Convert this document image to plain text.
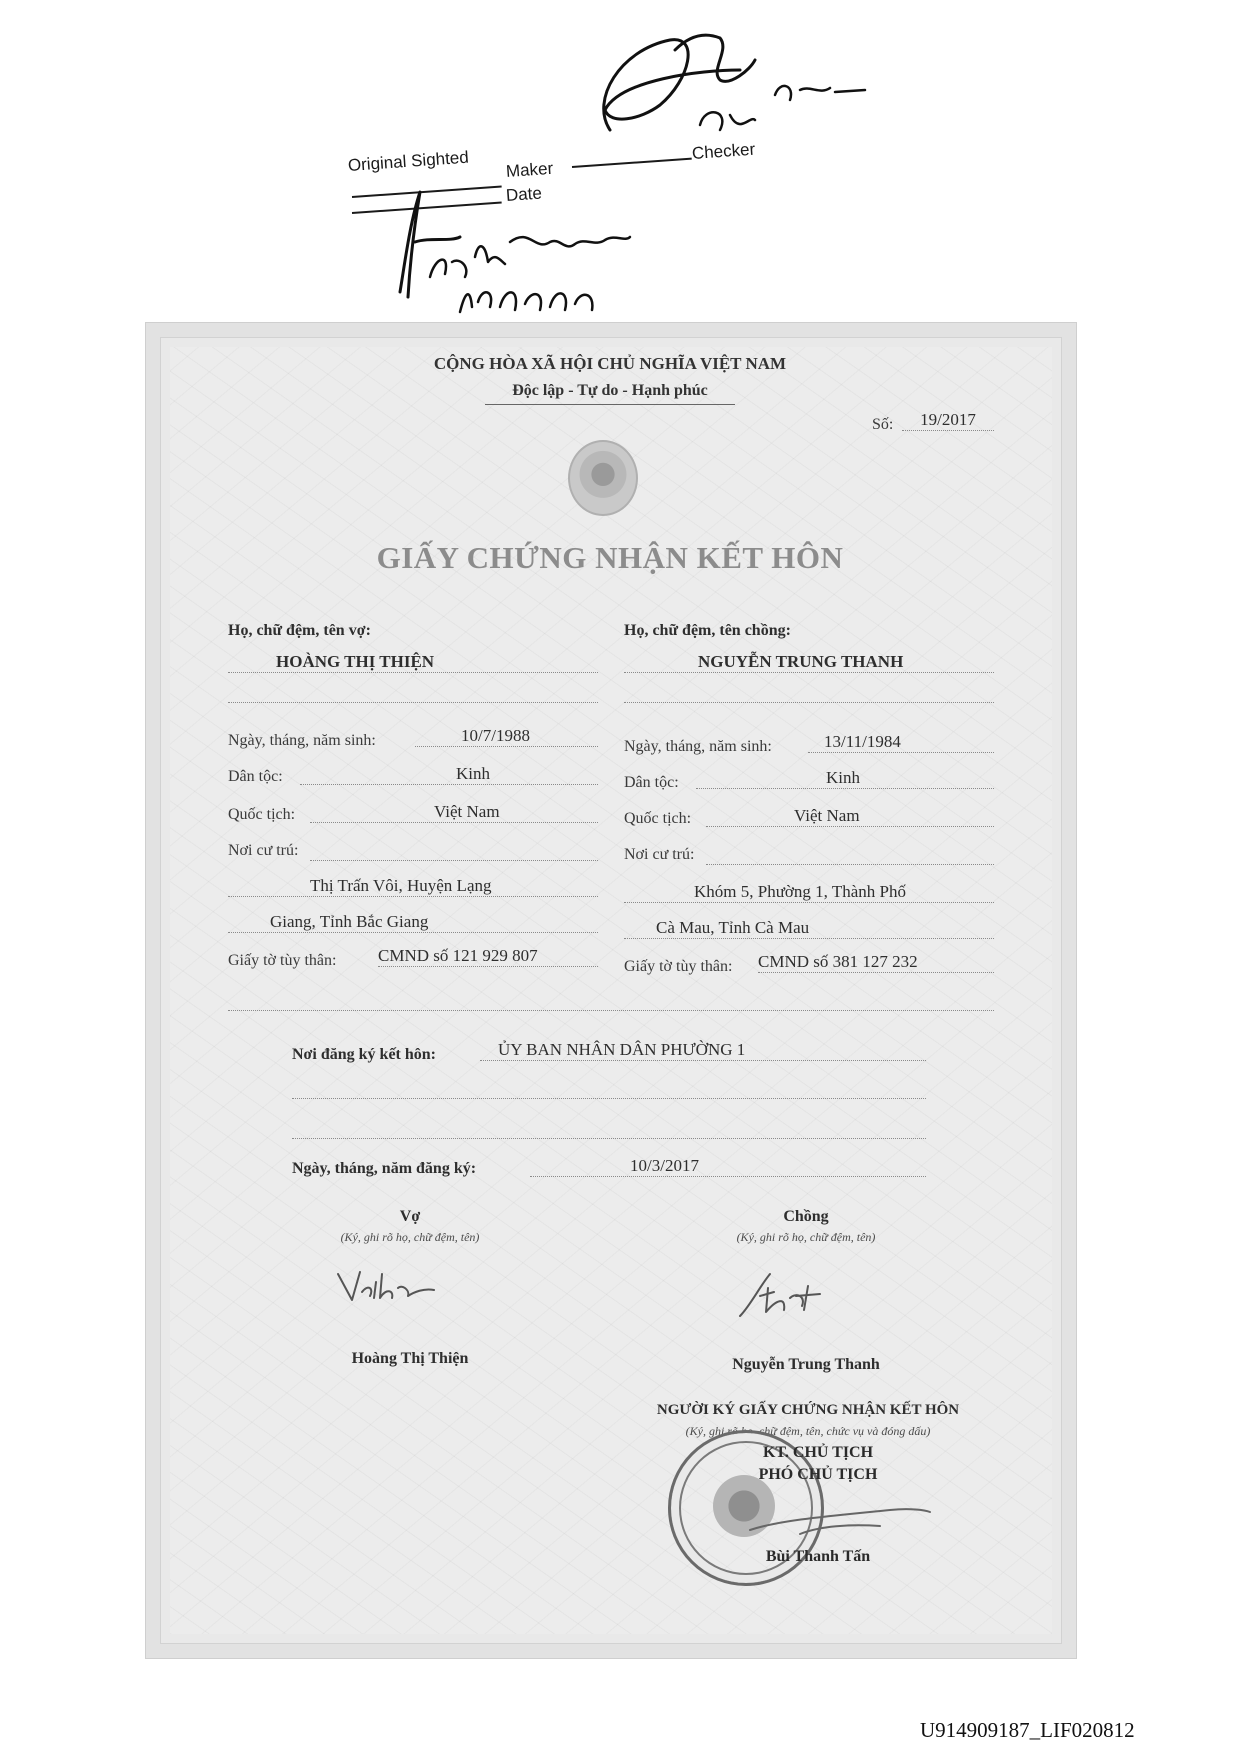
Original Sighted Maker
Checker
Date
CỘNG HÒA XÃ HỘI CHỦ NGHĨA VIỆT NAM
Độc lập - Tự do - Hạnh phúc
Số:	19/2017
GIẤY CHỨNG NHẬN KẾT HÔN
Họ, chữ đệm, tên vợ:
HOÀNG THỊ THIỆN
Ngày, tháng, năm sinh:	10/7/1988
Dân tộc:	Kinh
Quốc tịch:	Việt Nam
Nơi cư trú:
Thị Trấn Vôi, Huyện Lạng
Giang, Tỉnh Bắc Giang
Giấy tờ tùy thân: CMND số 121 929 807
Họ, chữ đệm, tên chồng:
NGUYỄN TRUNG THANH
Ngày, tháng, năm sinh:	13/11/1984
Dân tộc:	Kinh
Quốc tịch:	Việt Nam
Nơi cư trú:
Khóm 5, Phường 1, Thành Phố
Cà Mau, Tỉnh Cà Mau
Giấy tờ tùy thân: CMND số 381 127 232
Nơi đăng ký kết hôn:	ỦY BAN NHÂN DÂN PHƯỜNG 1
Ngày, tháng, năm đăng ký:	10/3/2017
Vợ
(Ký, ghi rõ họ, chữ đệm, tên)
Hoàng Thị Thiện
Chồng
(Ký, ghi rõ họ, chữ đệm, tên)
Nguyễn Trung Thanh
NGƯỜI KÝ GIẤY CHỨNG NHẬN KẾT HÔN
(Ký, ghi rõ họ, chữ đệm, tên, chức vụ và đóng dấu)
KT. CHỦ TỊCH
PHÓ CHỦ TỊCH
Bùi Thanh Tấn
U914909187_LIF020812
